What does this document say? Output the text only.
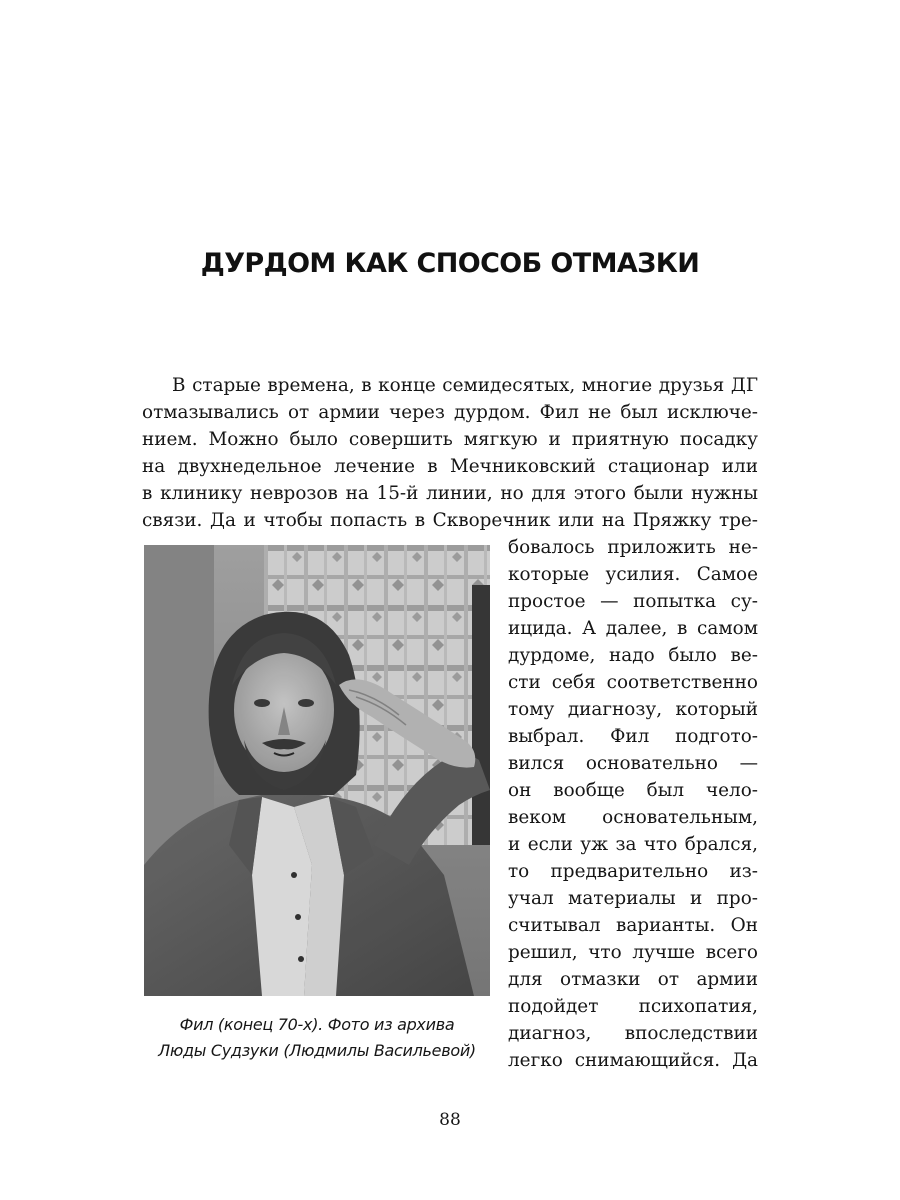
ДУРДОМ КАК СПОСОБ ОТМАЗКИ
В старые времена, в конце семидесятых, многие друзья ДГ
отмазывались от армии через дурдом. Фил не был исключе-
нием. Можно было совершить мягкую и приятную посадку
на двухнедельное лечение в Мечниковский стационар или
в клинику неврозов на 15-й линии, но для этого были нужны
связи. Да и чтобы попасть в Скворечник или на Пряжку тре-
бовалось приложить не-
которые усилия. Самое
простое — попытка су-
ицида. А далее, в самом
дурдоме, надо было ве-
сти себя соответственно
тому диагнозу, который
выбрал. Фил подгото-
вился основательно —
он вообще был чело-
веком основательным,
и если уж за что брался,
то предварительно из-
учал материалы и про-
считывал варианты. Он
решил, что лучше всего
для отмазки от армии
подойдет психопатия,
диагноз, впоследствии
легко снимающийся. Да
Фил (конец 70-х). Фото из архива
Люды Судзуки (Людмилы Васильевой)
88
